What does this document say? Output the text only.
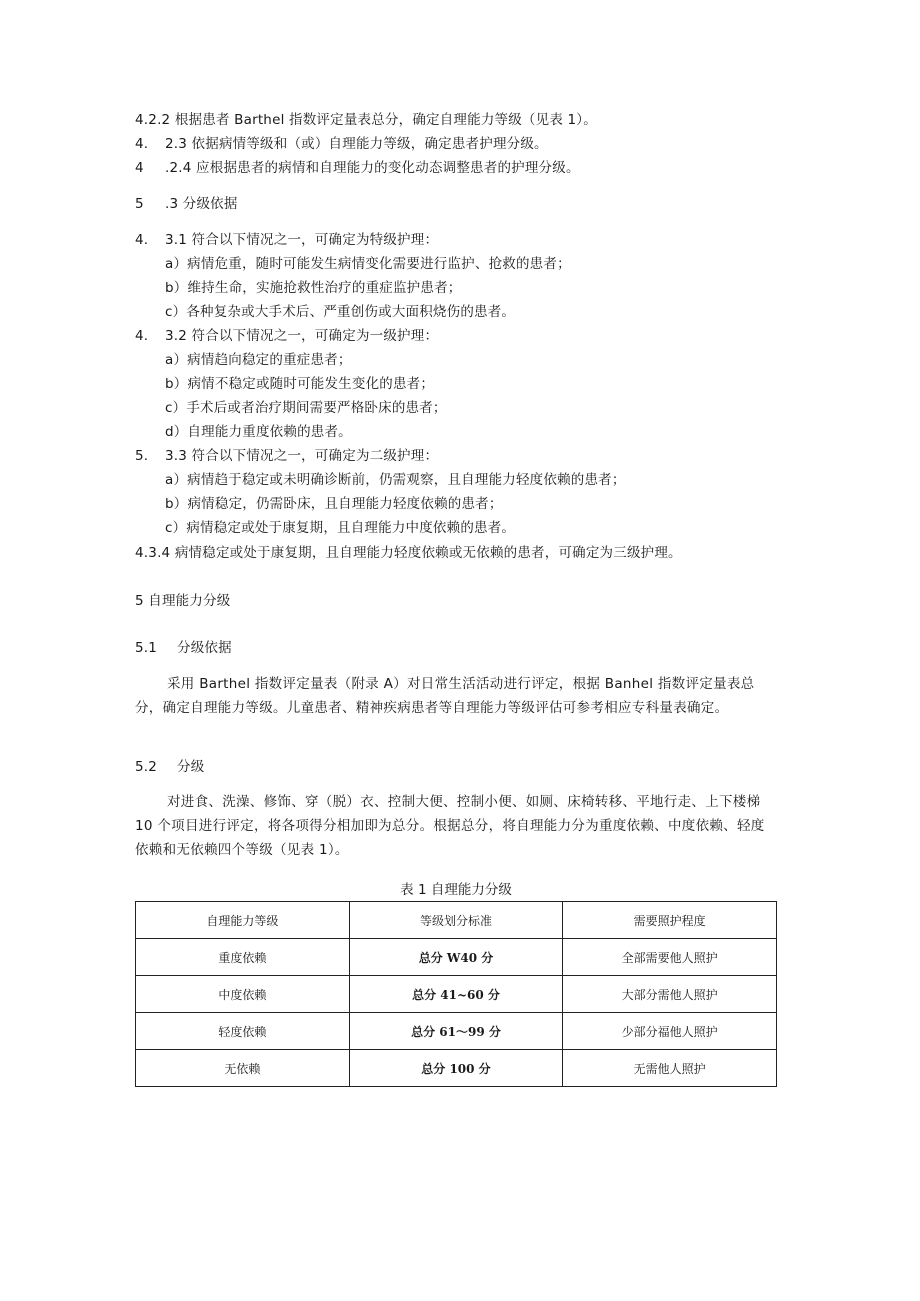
4.2.2 根据患者 Barthel 指数评定量表总分，确定自理能力等级（见表 1）。
4. 2.3 依据病情等级和（或）自理能力等级，确定患者护理分级。
4 .2.4 应根据患者的病情和自理能力的变化动态调整患者的护理分级。
5 .3 分级依据
4. 3.1 符合以下情况之一，可确定为特级护理：
a）病情危重，随时可能发生病情变化需要进行监护、抢救的患者；
b）维持生命，实施抢救性治疗的重症监护患者；
c）各种复杂或大手术后、严重创伤或大面积烧伤的患者。
4. 3.2 符合以下情况之一，可确定为一级护理：
a）病情趋向稳定的重症患者；
b）病情不稳定或随时可能发生变化的患者；
c）手术后或者治疗期间需要严格卧床的患者；
d）自理能力重度依赖的患者。
5. 3.3 符合以下情况之一，可确定为二级护理：
a）病情趋于稳定或未明确诊断前，仍需观察，且自理能力轻度依赖的患者；
b）病情稳定，仍需卧床，且自理能力轻度依赖的患者；
c）病情稳定或处于康复期，且自理能力中度依赖的患者。
4.3.4 病情稳定或处于康复期，且自理能力轻度依赖或无依赖的患者，可确定为三级护理。
5 自理能力分级
5.1 分级依据
采用 Barthel 指数评定量表（附录 A）对日常生活活动进行评定，根据 Banhel 指数评定量表总分，确定自理能力等级。儿童患者、精神疾病患者等自理能力等级评估可参考相应专科量表确定。
5.2 分级
对进食、洗澡、修饰、穿（脱）衣、控制大便、控制小便、如厕、床椅转移、平地行走、上下楼梯 10 个项目进行评定，将各项得分相加即为总分。根据总分，将自理能力分为重度依赖、中度依赖、轻度依赖和无依赖四个等级（见表 1）。
表 1 自理能力分级
自理能力等级	等级划分标准	需要照护程度
重度依赖	总分 W40 分	全部需要他人照护
中度依赖	总分 41~60 分	大部分需他人照护
轻度依赖	总分 61～99 分	少部分福他人照护
无依赖	总分 100 分	无需他人照护
